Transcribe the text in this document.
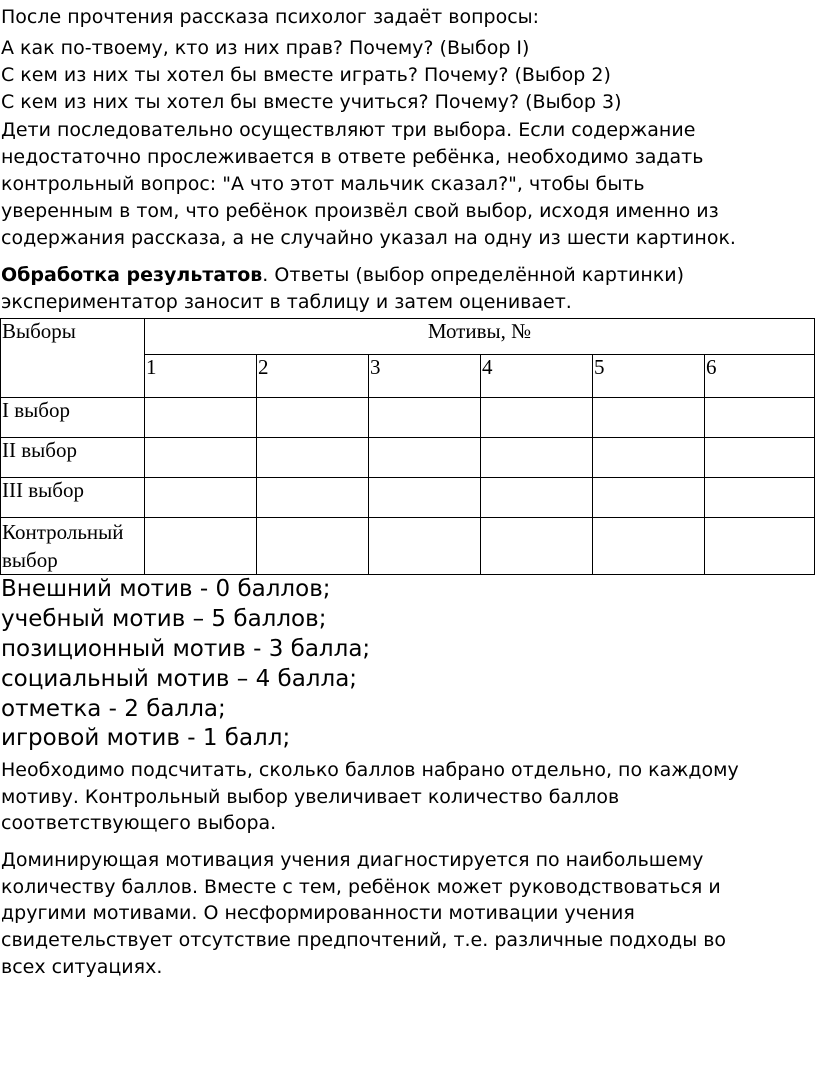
После прочтения рассказа психолог задаёт вопросы:
А как по-твоему, кто из них прав? Почему? (Выбор I)
С кем из них ты хотел бы вместе играть? Почему? (Выбор 2)
С кем из них ты хотел бы вместе учиться? Почему? (Выбор 3)
Дети последовательно осуществляют три выбора. Если содержание
недостаточно прослеживается в ответе ребёнка, необходимо задать
контрольный вопрос: "А что этот мальчик сказал?", чтобы быть
уверенным в том, что ребёнок произвёл свой выбор, исходя именно из
содержания рассказа, а не случайно указал на одну из шести картинок.
Обработка результатов. Ответы (выбор определённой картинки)
экспериментатор заносит в таблицу и затем оценивает.
Выборы	Мотивы, №					
	1	2	3	4	5	6
I выбор						
II выбор						
III выбор						
Контрольный выбор						
Внешний мотив - 0 баллов;
учебный мотив – 5 баллов;
позиционный мотив - 3 балла;
социальный мотив – 4 балла;
отметка - 2 балла;
игровой мотив - 1 балл;
Необходимо подсчитать, сколько баллов набрано отдельно, по каждому
мотиву. Контрольный выбор увеличивает количество баллов
соответствующего выбора.
Доминирующая мотивация учения диагностируется по наибольшему
количеству баллов. Вместе с тем, ребёнок может руководствоваться и
другими мотивами. О несформированности мотивации учения
свидетельствует отсутствие предпочтений, т.е. различные подходы во
всех ситуациях.
